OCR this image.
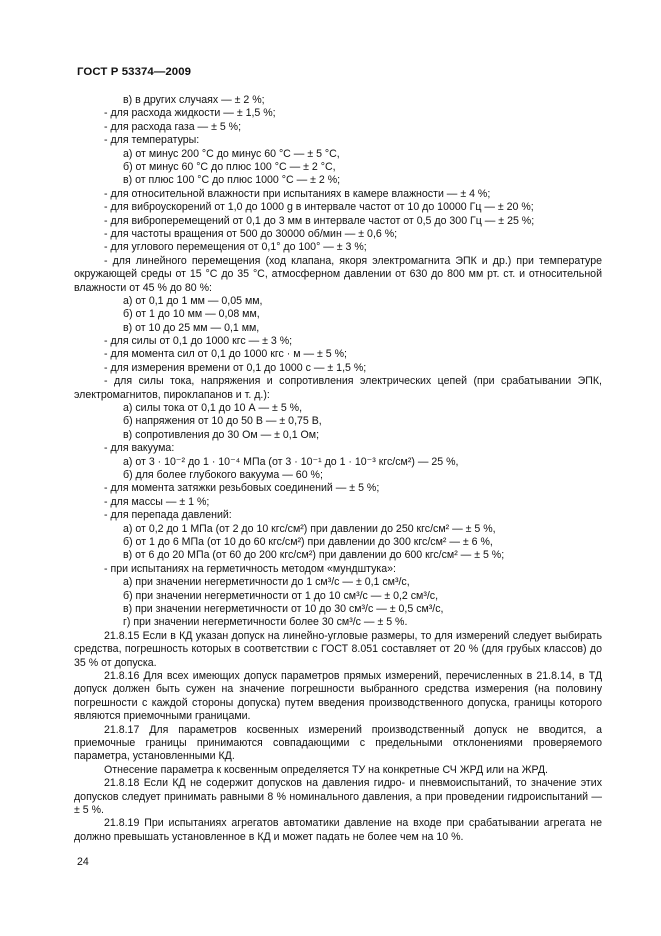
ГОСТ Р 53374—2009
в) в других случаях — ± 2 %;
- для расхода жидкости — ± 1,5 %;
- для расхода газа — ± 5 %;
- для температуры:
а) от минус 200 °С до минус 60 °С — ± 5 °С,
б) от минус 60 °С до плюс 100 °С — ± 2 °С,
в) от плюс 100 °С до плюс 1000 °С — ± 2 %;
- для относительной влажности при испытаниях в камере влажности — ± 4 %;
- для виброускорений от 1,0 до 1000 g в интервале частот от 10 до 10000 Гц — ± 20 %;
- для виброперемещений от 0,1 до 3 мм в интервале частот от 0,5 до 300 Гц — ± 25 %;
- для частоты вращения от 500 до 30000 об/мин — ± 0,6 %;
- для углового перемещения от 0,1° до 100° — ± 3 %;
- для линейного перемещения (ход клапана, якоря электромагнита ЭПК и др.) при температуре окружающей среды от 15 °С до 35 °С, атмосферном давлении от 630 до 800 мм рт. ст. и относительной влажности от 45 % до 80 %:
а) от 0,1 до 1 мм — 0,05 мм,
б) от 1 до 10 мм — 0,08 мм,
в) от 10 до 25 мм — 0,1 мм,
- для силы от 0,1 до 1000 кгс — ± 3 %;
- для момента сил от 0,1 до 1000 кгс · м — ± 5 %;
- для измерения времени от 0,1 до 1000 с — ± 1,5 %;
- для силы тока, напряжения и сопротивления электрических цепей (при срабатывании ЭПК, электромагнитов, пироклапанов и т. д.):
а) силы тока от 0,1 до 10 А — ± 5 %,
б) напряжения от 10 до 50 В — ± 0,75 В,
в) сопротивления до 30 Ом — ± 0,1 Ом;
- для вакуума:
а) от 3 · 10⁻² до 1 · 10⁻⁴ МПа (от 3 · 10⁻¹ до 1 · 10⁻³ кгс/см²) — 25 %,
б) для более глубокого вакуума — 60 %;
- для момента затяжки резьбовых соединений — ± 5 %;
- для массы — ± 1 %;
- для перепада давлений:
а) от 0,2 до 1 МПа (от 2 до 10 кгс/см²) при давлении до 250 кгс/см² — ± 5 %,
б) от 1 до 6 МПа (от 10 до 60 кгс/см²) при давлении до 300 кгс/см² — ± 6 %,
в) от 6 до 20 МПа (от 60 до 200 кгс/см²) при давлении до 600 кгс/см² — ± 5 %;
- при испытаниях на герметичность методом «мундштука»:
а) при значении негерметичности до 1 см³/с — ± 0,1 см³/с,
б) при значении негерметичности от 1 до 10 см³/с — ± 0,2 см³/с,
в) при значении негерметичности от 10 до 30 см³/с — ± 0,5 см³/с,
г) при значении негерметичности более 30 см³/с — ± 5 %.
21.8.15 Если в КД указан допуск на линейно-угловые размеры, то для измерений следует выбирать средства, погрешность которых в соответствии с ГОСТ 8.051 составляет от 20 % (для грубых классов) до 35 % от допуска.
21.8.16 Для всех имеющих допуск параметров прямых измерений, перечисленных в 21.8.14, в ТД допуск должен быть сужен на значение погрешности выбранного средства измерения (на половину погрешности с каждой стороны допуска) путем введения производственного допуска, границы которого являются приемочными границами.
21.8.17 Для параметров косвенных измерений производственный допуск не вводится, а приемочные границы принимаются совпадающими с предельными отклонениями проверяемого параметра, установленными КД.
Отнесение параметра к косвенным определяется ТУ на конкретные СЧ ЖРД или на ЖРД.
21.8.18 Если КД не содержит допусков на давления гидро- и пневмоиспытаний, то значение этих допусков следует принимать равными 8 % номинального давления, а при проведении гидроиспытаний — ± 5 %.
21.8.19 При испытаниях агрегатов автоматики давление на входе при срабатывании агрегата не должно превышать установленное в КД и может падать не более чем на 10 %.
24
